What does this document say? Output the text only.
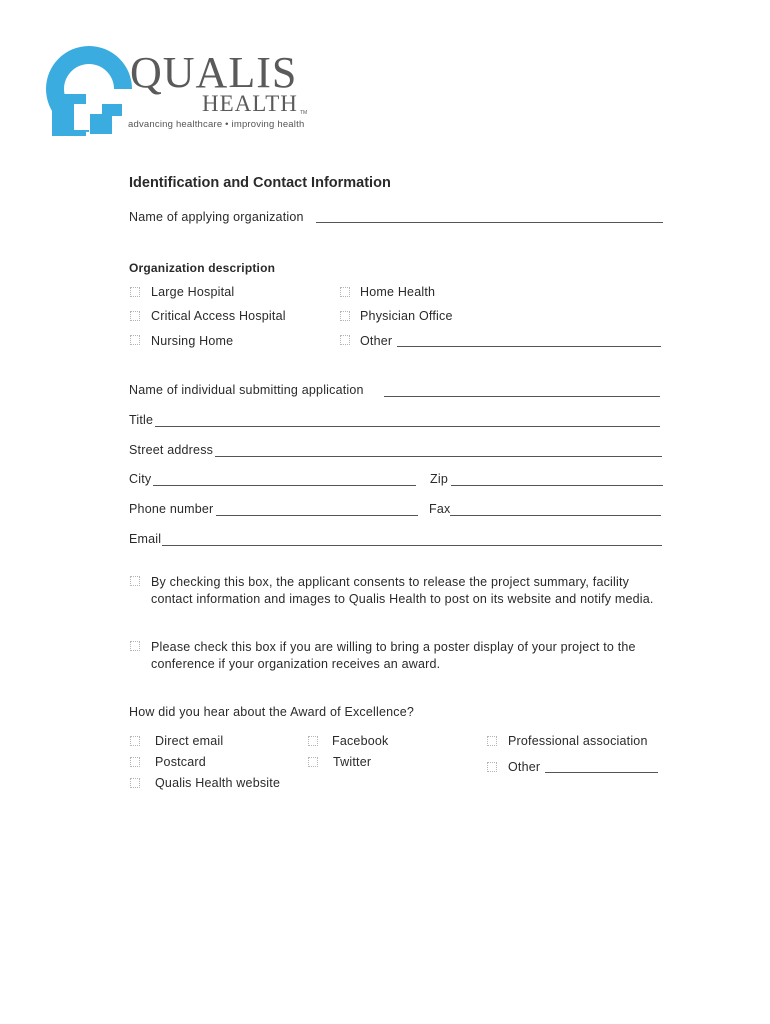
QUALIS
HEALTH TM
advancing healthcare • improving health
Identification and Contact Information
Name of applying organization
Organization description
Large Hospital	Home Health
Critical Access Hospital	Physician Office
Nursing Home	Other
Name of individual submitting application
Title
Street address
City	Zip
Phone number	Fax
Email
By checking this box, the applicant consents to release the project summary, facility contact information and images to Qualis Health to post on its website and notify media.
Please check this box if you are willing to bring a poster display of your project to the conference if your organization receives an award.
How did you hear about the Award of Excellence?
Direct email	Facebook	Professional association
Postcard	Twitter	Other
Qualis Health website
